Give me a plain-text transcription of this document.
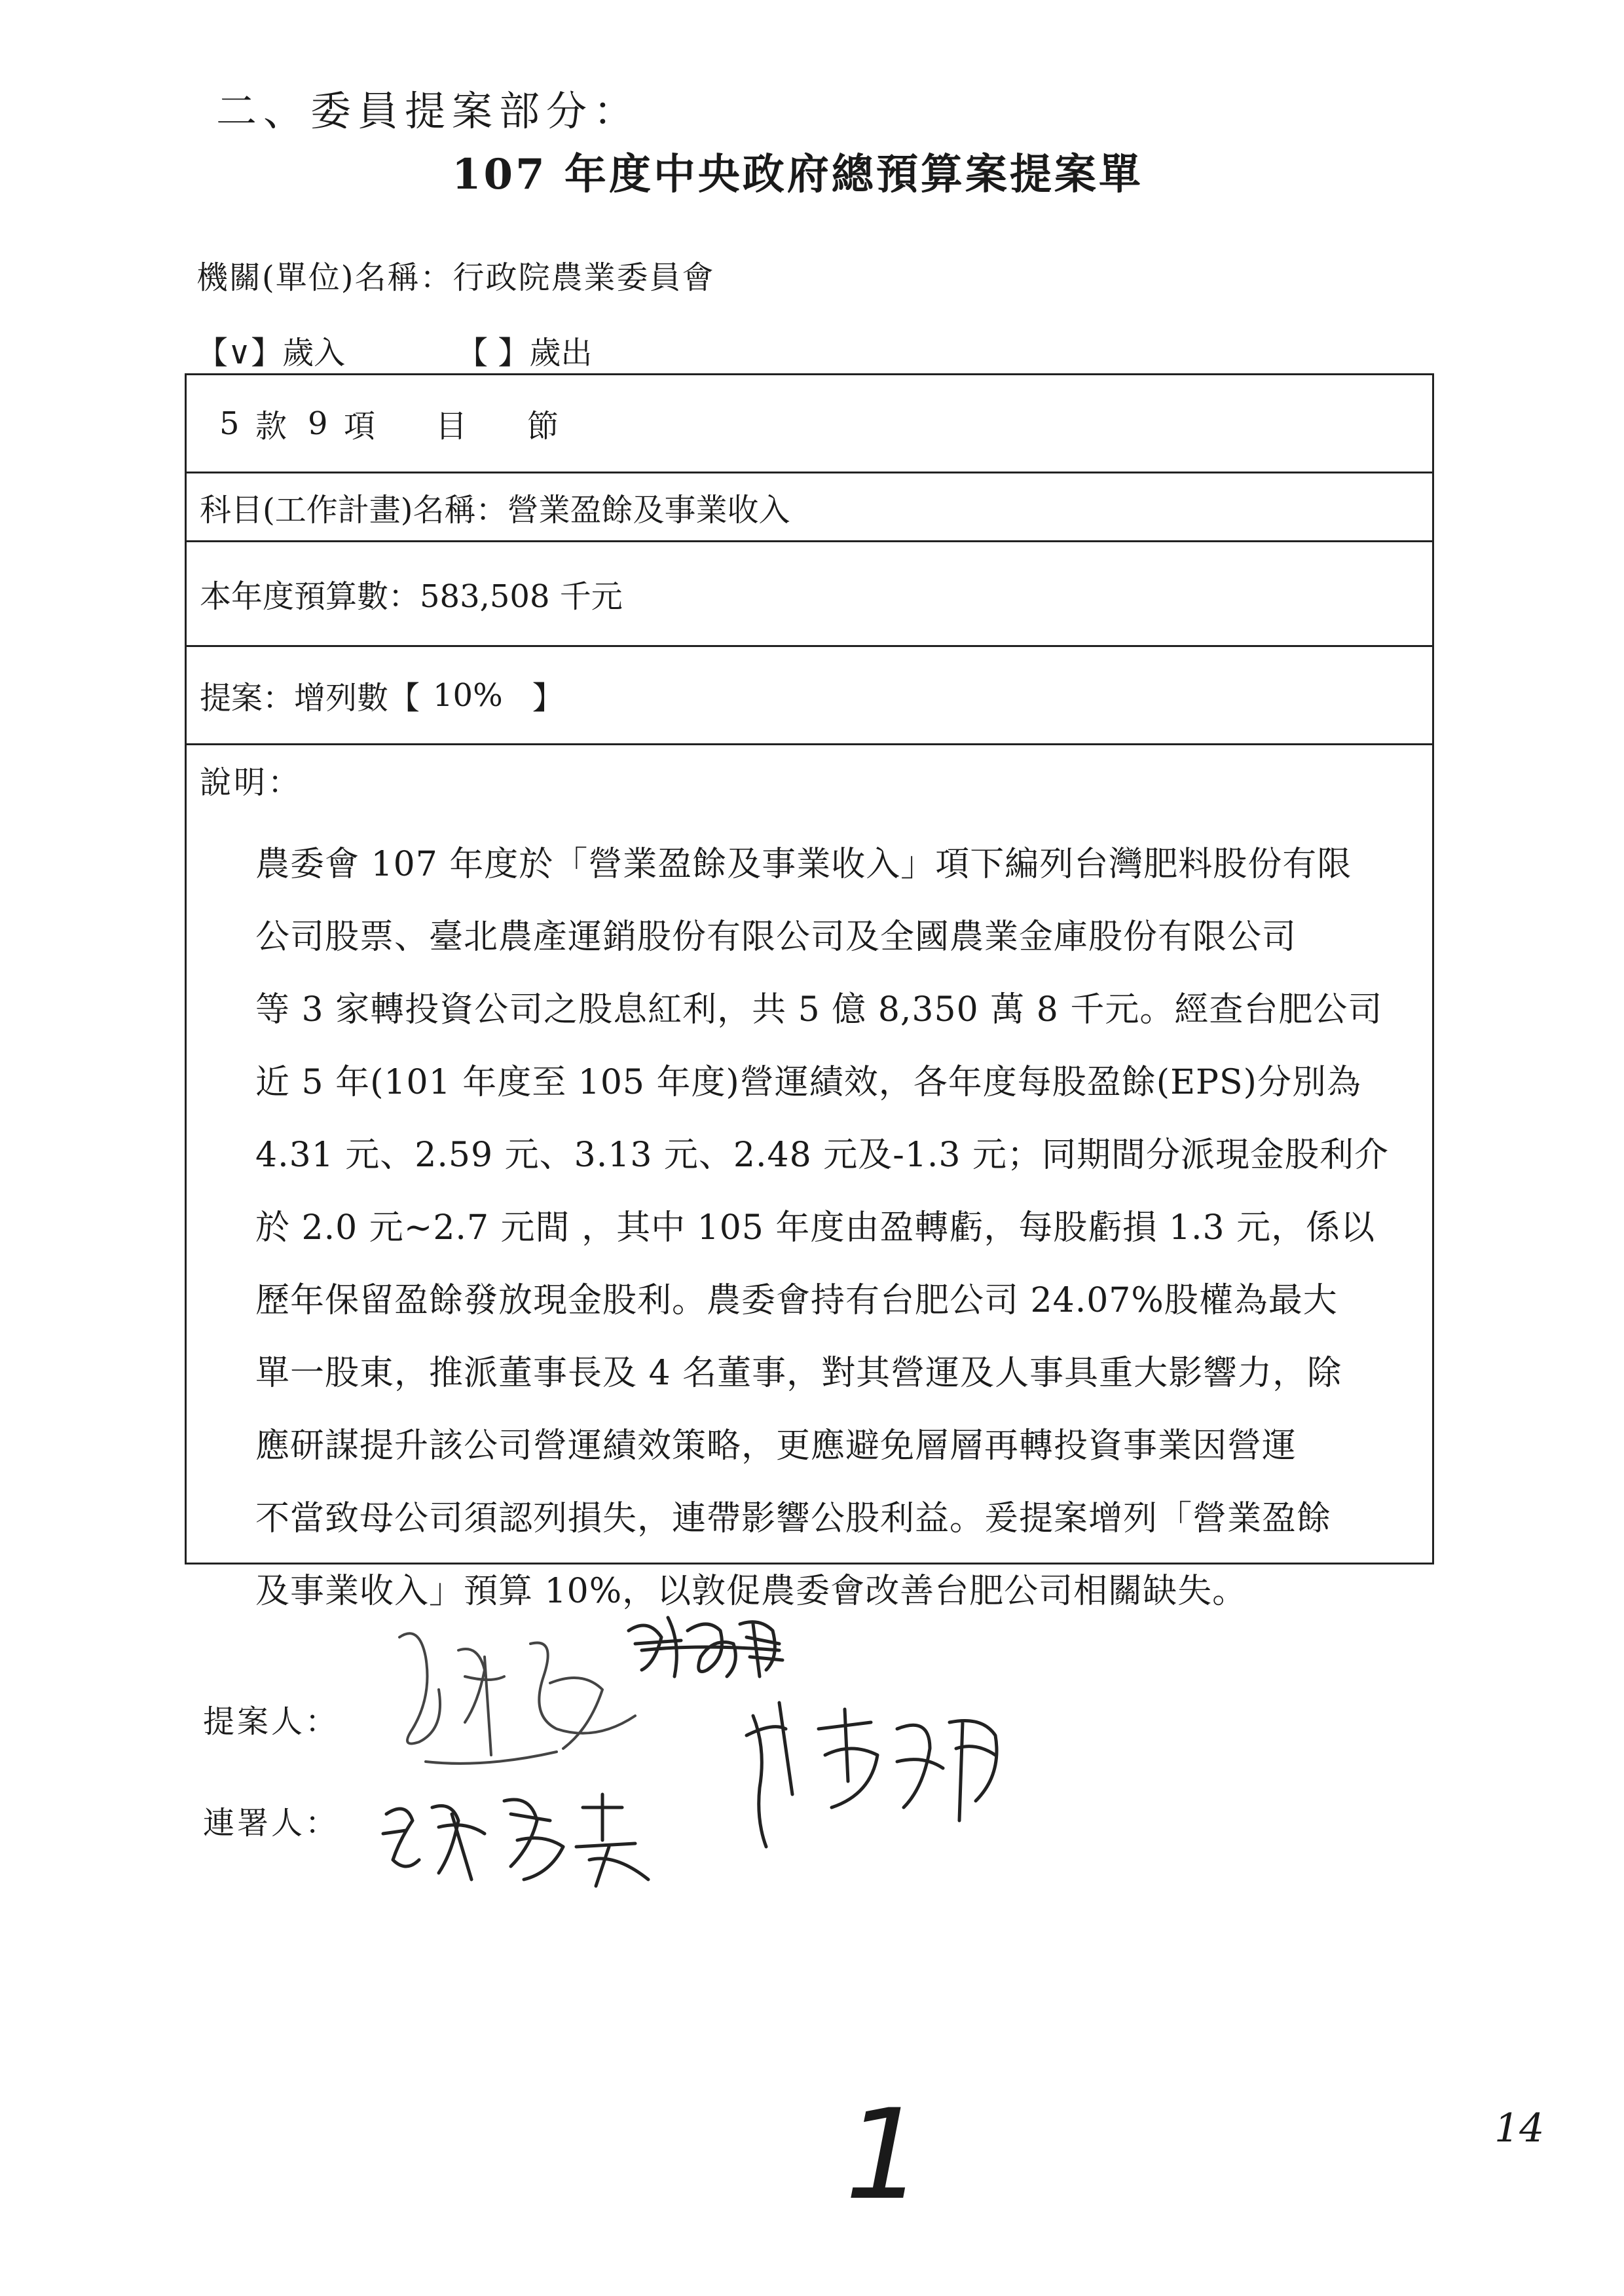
二、委員提案部分：
107 年度中央政府總預算案提案單
機關(單位)名稱：行政院農業委員會
【∨】歲入	【 】歲出
5 款 9 項	目	節
科目(工作計畫)名稱： 營業盈餘及事業收入
本年度預算數： 583,508 千元
提案：增列數【 10% 】
說明：
農委會 107 年度於「營業盈餘及事業收入」項下編列台灣肥料股份有限
公司股票、臺北農產運銷股份有限公司及全國農業金庫股份有限公司
等 3 家轉投資公司之股息紅利，共 5 億 8,350 萬 8 千元。經查台肥公司
近 5 年(101 年度至 105 年度)營運績效，各年度每股盈餘(EPS)分別為
4.31 元、2.59 元、3.13 元、2.48 元及-1.3 元；同期間分派現金股利介
於 2.0 元~2.7 元間 ，其中 105 年度由盈轉虧，每股虧損 1.3 元，係以
歷年保留盈餘發放現金股利。農委會持有台肥公司 24.07%股權為最大
單一股東，推派董事長及 4 名董事，對其營運及人事具重大影響力，除
應研謀提升該公司營運績效策略，更應避免層層再轉投資事業因營運
不當致母公司須認列損失，連帶影響公股利益。爰提案增列「營業盈餘
及事業收入」預算 10%，以敦促農委會改善台肥公司相關缺失。
提案人：
連署人：
1	14
